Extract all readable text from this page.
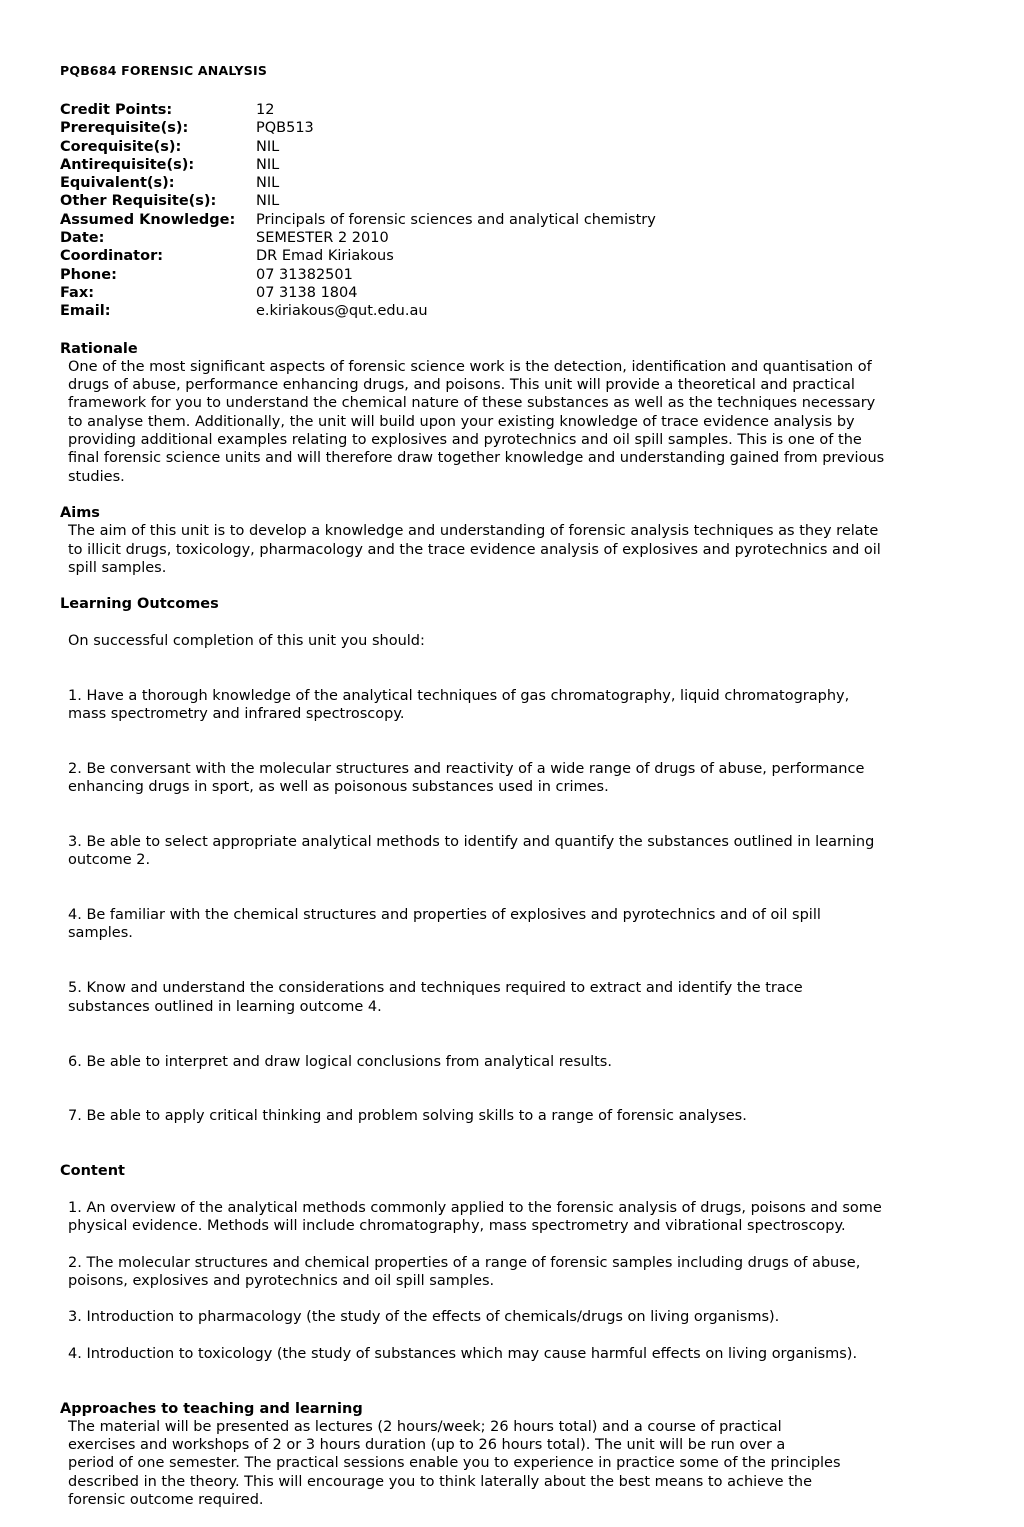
PQB684 FORENSIC ANALYSIS
Credit Points:	12
Prerequisite(s):	PQB513
Corequisite(s):	NIL
Antirequisite(s):	NIL
Equivalent(s):	NIL
Other Requisite(s):	NIL
Assumed Knowledge:	Principals of forensic sciences and analytical chemistry
Date:	SEMESTER 2 2010
Coordinator:	DR Emad Kiriakous
Phone:	07 31382501
Fax:	07 3138 1804
Email:	e.kiriakous@qut.edu.au
Rationale
One of the most significant aspects of forensic science work is the detection, identification and quantisation of
drugs of abuse, performance enhancing drugs, and poisons. This unit will provide a theoretical and practical
framework for you to understand the chemical nature of these substances as well as the techniques necessary
to analyse them. Additionally, the unit will build upon your existing knowledge of trace evidence analysis by
providing additional examples relating to explosives and pyrotechnics and oil spill samples. This is one of the
final forensic science units and will therefore draw together knowledge and understanding gained from previous
studies.
Aims
The aim of this unit is to develop a knowledge and understanding of forensic analysis techniques as they relate
to illicit drugs, toxicology, pharmacology and the trace evidence analysis of explosives and pyrotechnics and oil
spill samples.
Learning Outcomes

On successful completion of this unit you should:

1. Have a thorough knowledge of the analytical techniques of gas chromatography, liquid chromatography,
mass spectrometry and infrared spectroscopy.

2. Be conversant with the molecular structures and reactivity of a wide range of drugs of abuse, performance
enhancing drugs in sport, as well as poisonous substances used in crimes.

3. Be able to select appropriate analytical methods to identify and quantify the substances outlined in learning
outcome 2.

4. Be familiar with the chemical structures and properties of explosives and pyrotechnics and of oil spill
samples.

5. Know and understand the considerations and techniques required to extract and identify the trace
substances outlined in learning outcome 4.

6. Be able to interpret and draw logical conclusions from analytical results.

7. Be able to apply critical thinking and problem solving skills to a range of forensic analyses.

Content

1. An overview of the analytical methods commonly applied to the forensic analysis of drugs, poisons and some
physical evidence. Methods will include chromatography, mass spectrometry and vibrational spectroscopy.

2. The molecular structures and chemical properties of a range of forensic samples including drugs of abuse,
poisons, explosives and pyrotechnics and oil spill samples.

3. Introduction to pharmacology (the study of the effects of chemicals/drugs on living organisms).

4. Introduction to toxicology (the study of substances which may cause harmful effects on living organisms).

Approaches to teaching and learning
The material will be presented as lectures (2 hours/week; 26 hours total) and a course of practical
exercises and workshops of 2 or 3 hours duration (up to 26 hours total). The unit will be run over a
period of one semester. The practical sessions enable you to experience in practice some of the principles
described in the theory. This will encourage you to think laterally about the best means to achieve the
forensic outcome required.
